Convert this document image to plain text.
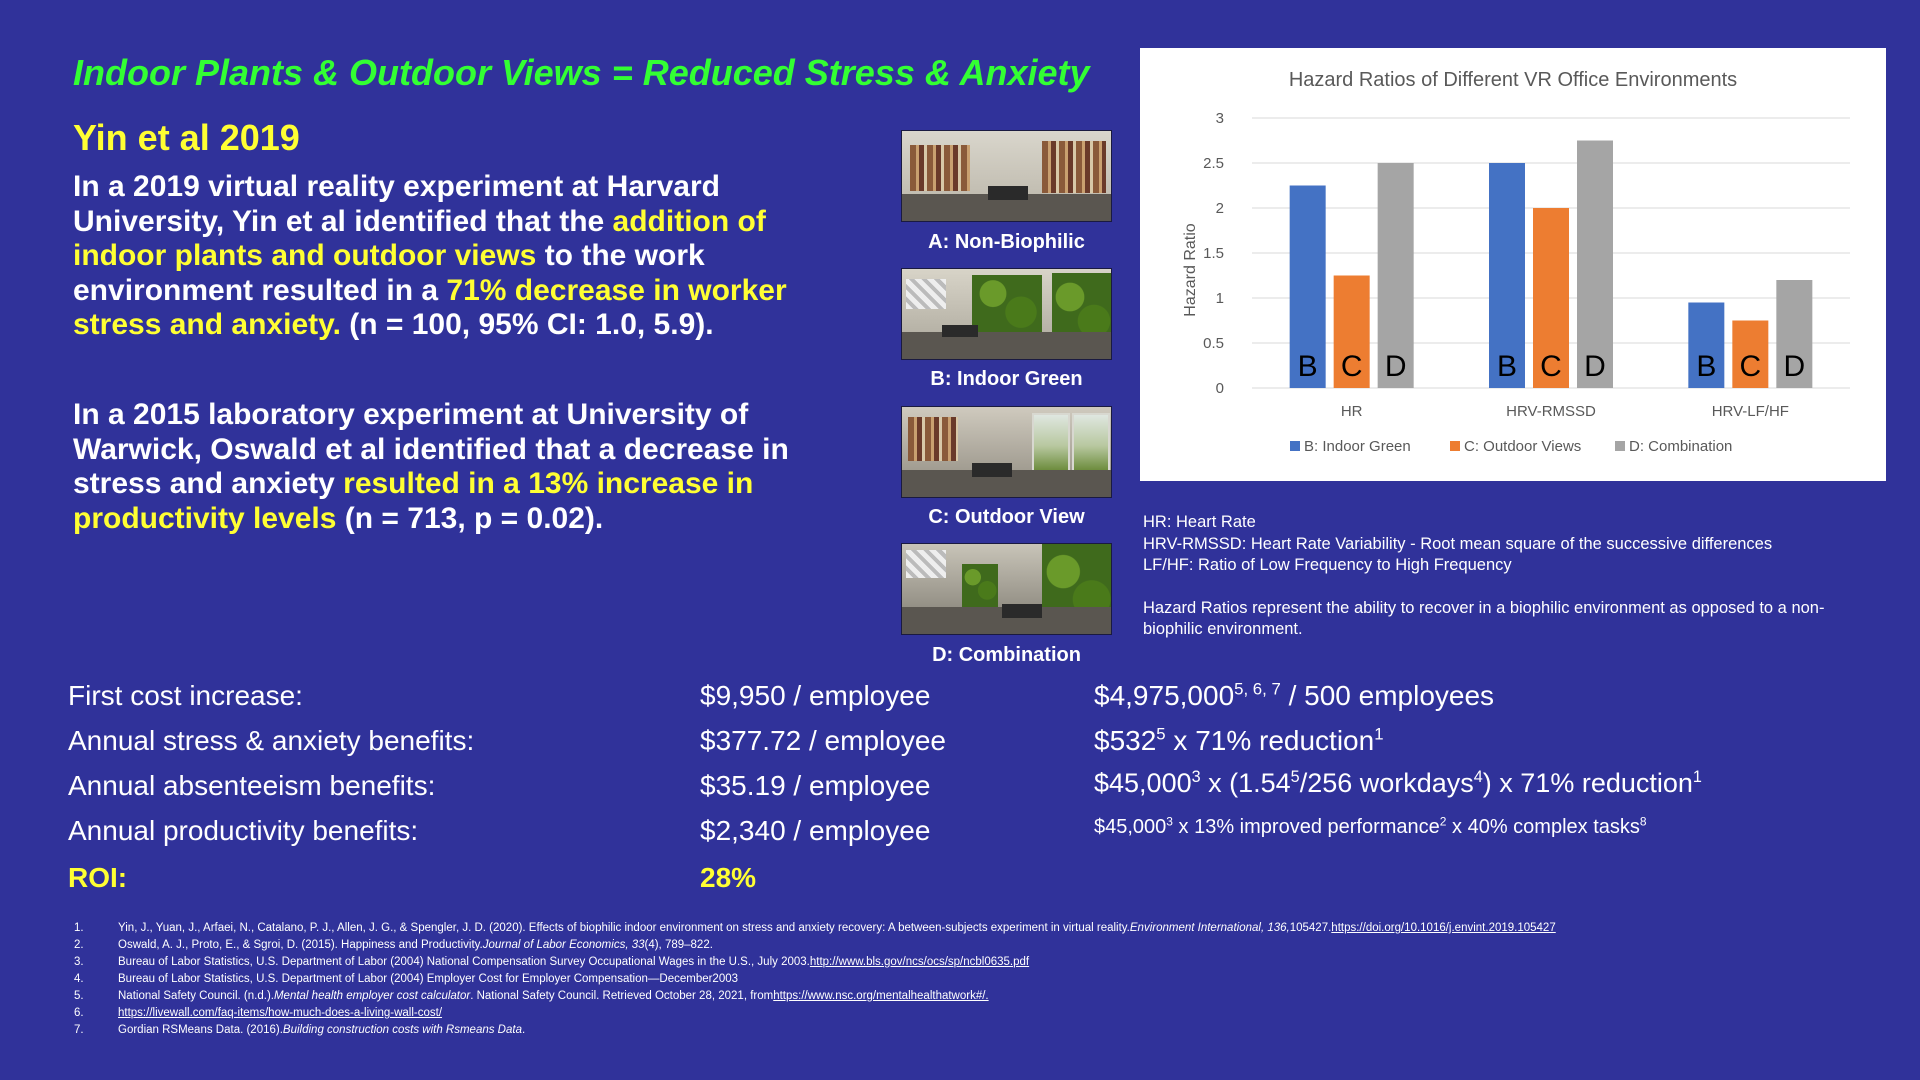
Indoor Plants & Outdoor Views = Reduced Stress & Anxiety
Yin et al 2019
In a 2019 virtual reality experiment at Harvard University, Yin et al identified that the addition of indoor plants and outdoor views to the work environment resulted in a 71% decrease in worker stress and anxiety. (n = 100, 95% CI: 1.0, 5.9).
In a 2015 laboratory experiment at University of Warwick, Oswald et al identified that a decrease in stress and anxiety resulted in a 13% increase in productivity levels (n = 713, p = 0.02).
A: Non-Biophilic
B: Indoor Green
C: Outdoor View
D: Combination
Hazard Ratios of Different VR Office Environments
Hazard Ratio
0
0.5
1
1.5
2
2.5
3
B C D
HR
B C D
HRV-RMSSD
B C D
HRV-LF/HF
B: Indoor Green	C: Outdoor Views	D: Combination
HR: Heart Rate
HRV-RMSSD: Heart Rate Variability - Root mean square of the successive differences
LF/HF: Ratio of Low Frequency to High Frequency
Hazard Ratios represent the ability to recover in a biophilic environment as opposed to a non-biophilic environment.
First cost increase:	$9,950 / employee	$4,975,000$^{5, 6, 7}$ / 500 employees
Annual stress & anxiety benefits:	$377.72 / employee	$\$532^5$ x 71% reduction$^1$
Annual absenteeism benefits:	$35.19 / employee	$45,000$^3$ x (1.54$^5$/256 workdays$^4$) x 71% reduction$^1$
Annual productivity benefits:	$2,340 / employee	$45,000$^3$ x 13% improved performance$^2$ x 40% complex tasks$^8$
ROI:	28%
1.	Yin, J., Yuan, J., Arfaei, N., Catalano, P. J., Allen, J. G., & Spengler, J. D. (2020). Effects of biophilic indoor environment on stress and anxiety recovery: A between-subjects experiment in virtual reality. Environment International, 136, 105427. https://doi.org/10.1016/j.envint.2019.105427
2.	Oswald, A. J., Proto, E., & Sgroi, D. (2015). Happiness and Productivity. Journal of Labor Economics, 33 (4), 789–822.
3.	Bureau of Labor Statistics, U.S. Department of Labor (2004) National Compensation Survey Occupational Wages in the U.S., July 2003. http://www.bls.gov/ncs/ocs/sp/ncbl0635.pdf
4.	Bureau of Labor Statistics, U.S. Department of Labor (2004) Employer Cost for Employer Compensation—December2003
5.	National Safety Council. (n.d.). Mental health employer cost calculator . National Safety Council. Retrieved October 28, 2021, from https://www.nsc.org/mentalhealthatwork#/.
6.	https://livewall.com/faq-items/how-much-does-a-living-wall-cost/
7.	Gordian RSMeans Data. (2016). Building construction costs with Rsmeans Data .
